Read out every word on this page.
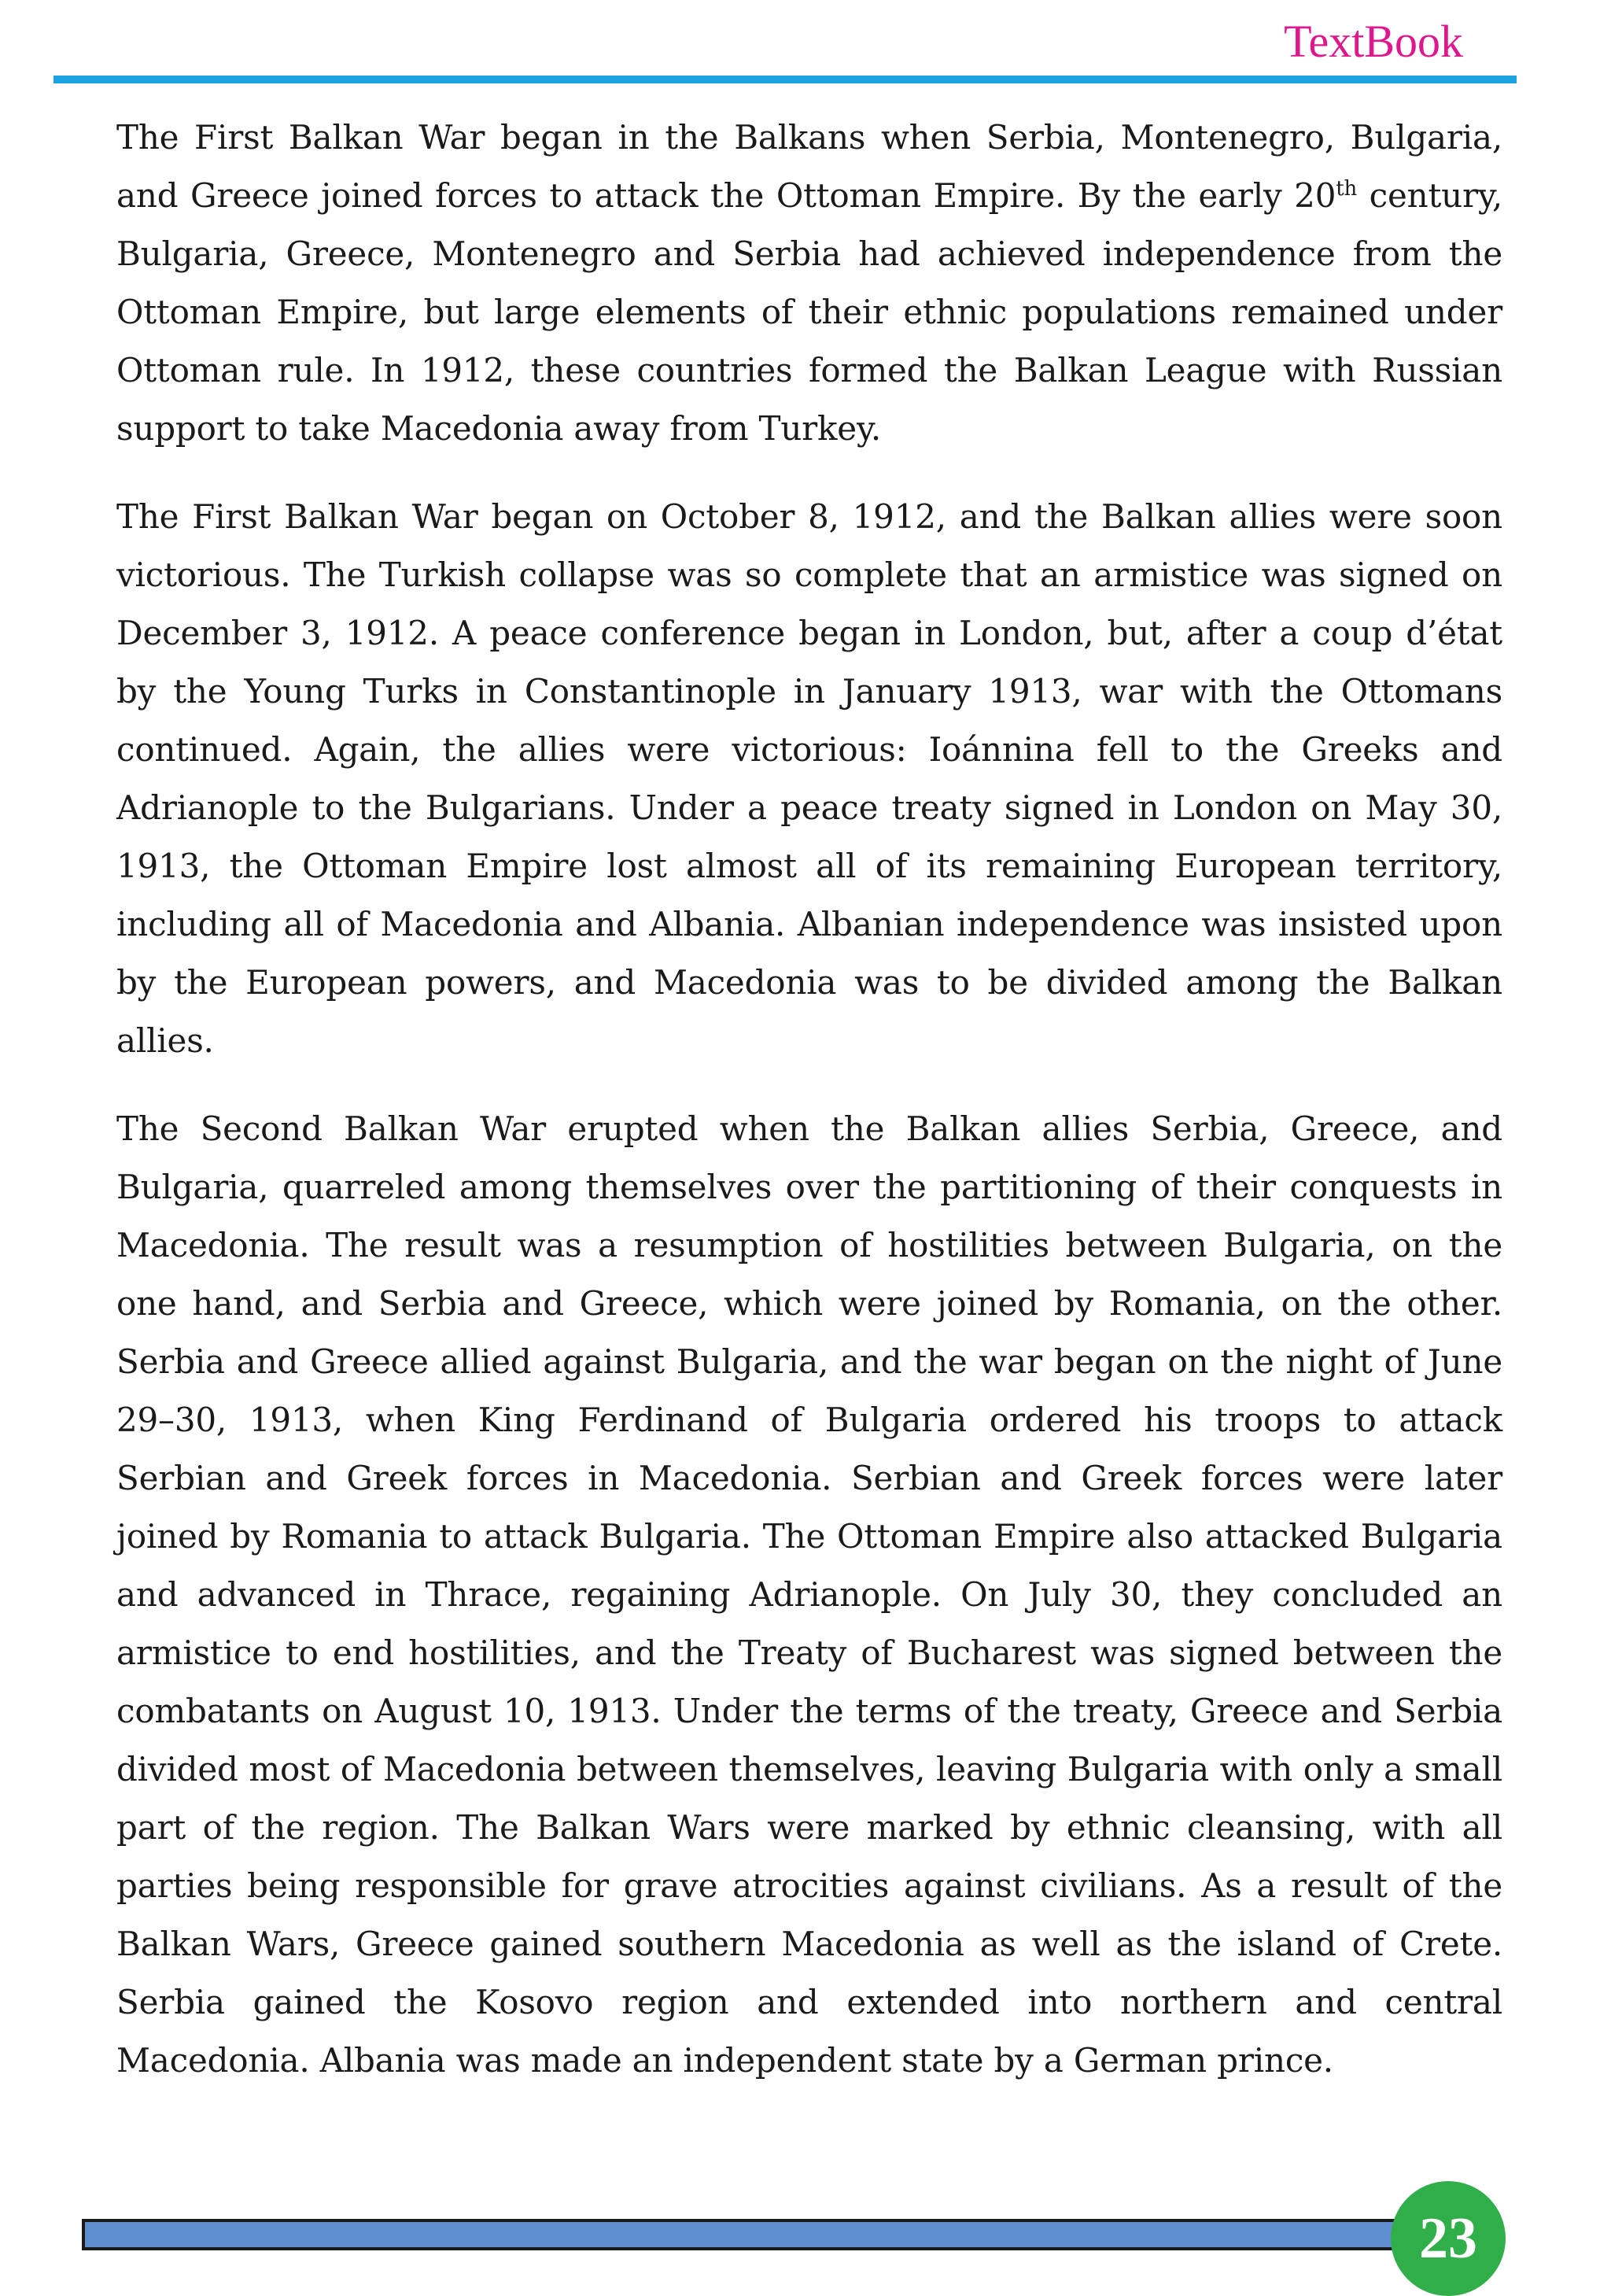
TextBook

The First Balkan War began in the Balkans when Serbia, Montenegro, Bulgaria, and Greece joined forces to attack the Ottoman Empire. By the early 20th century, Bulgaria, Greece, Montenegro and Serbia had achieved independence from the Ottoman Empire, but large elements of their ethnic populations remained under Ottoman rule. In 1912, these countries formed the Balkan League with Russian support to take Macedonia away from Turkey.

The First Balkan War began on October 8, 1912, and the Balkan allies were soon victorious. The Turkish collapse was so complete that an armistice was signed on December 3, 1912. A peace conference began in London, but, after a coup d’état by the Young Turks in Constantinople in January 1913, war with the Ottomans continued. Again, the allies were victorious: Ioánnina fell to the Greeks and Adrianople to the Bulgarians. Under a peace treaty signed in London on May 30, 1913, the Ottoman Empire lost almost all of its remaining European territory, including all of Macedonia and Albania. Albanian independence was insisted upon by the European powers, and Macedonia was to be divided among the Balkan allies.

The Second Balkan War erupted when the Balkan allies Serbia, Greece, and Bulgaria, quarreled among themselves over the partitioning of their conquests in Macedonia. The result was a resumption of hostilities between Bulgaria, on the one hand, and Serbia and Greece, which were joined by Romania, on the other. Serbia and Greece allied against Bulgaria, and the war began on the night of June 29–30, 1913, when King Ferdinand of Bulgaria ordered his troops to attack Serbian and Greek forces in Macedonia. Serbian and Greek forces were later joined by Romania to attack Bulgaria. The Ottoman Empire also attacked Bulgaria and advanced in Thrace, regaining Adrianople. On July 30, they concluded an armistice to end hostilities, and the Treaty of Bucharest was signed between the combatants on August 10, 1913. Under the terms of the treaty, Greece and Serbia divided most of Macedonia between themselves, leaving Bulgaria with only a small part of the region. The Balkan Wars were marked by ethnic cleansing, with all parties being responsible for grave atrocities against civilians. As a result of the Balkan Wars, Greece gained southern Macedonia as well as the island of Crete. Serbia gained the Kosovo region and extended into northern and central Macedonia. Albania was made an independent state by a German prince.

23
